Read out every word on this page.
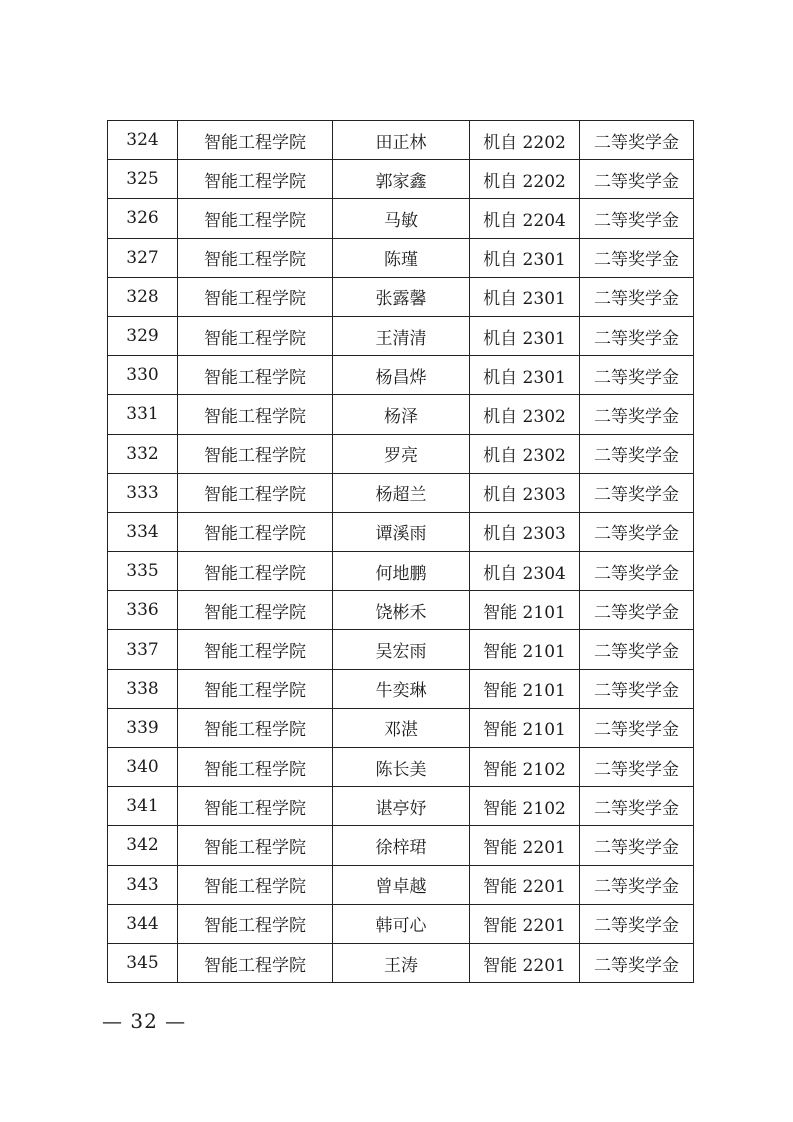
324	智能工程学院	田正林	机自 2202	二等奖学金
325	智能工程学院	郭家鑫	机自 2202	二等奖学金
326	智能工程学院	马敏	机自 2204	二等奖学金
327	智能工程学院	陈瑾	机自 2301	二等奖学金
328	智能工程学院	张露馨	机自 2301	二等奖学金
329	智能工程学院	王清清	机自 2301	二等奖学金
330	智能工程学院	杨昌烨	机自 2301	二等奖学金
331	智能工程学院	杨泽	机自 2302	二等奖学金
332	智能工程学院	罗亮	机自 2302	二等奖学金
333	智能工程学院	杨超兰	机自 2303	二等奖学金
334	智能工程学院	谭溪雨	机自 2303	二等奖学金
335	智能工程学院	何地鹏	机自 2304	二等奖学金
336	智能工程学院	饶彬禾	智能 2101	二等奖学金
337	智能工程学院	吴宏雨	智能 2101	二等奖学金
338	智能工程学院	牛奕琳	智能 2101	二等奖学金
339	智能工程学院	邓湛	智能 2101	二等奖学金
340	智能工程学院	陈长美	智能 2102	二等奖学金
341	智能工程学院	谌亭妤	智能 2102	二等奖学金
342	智能工程学院	徐梓珺	智能 2201	二等奖学金
343	智能工程学院	曾卓越	智能 2201	二等奖学金
344	智能工程学院	韩可心	智能 2201	二等奖学金
345	智能工程学院	王涛	智能 2201	二等奖学金
— 32 —
